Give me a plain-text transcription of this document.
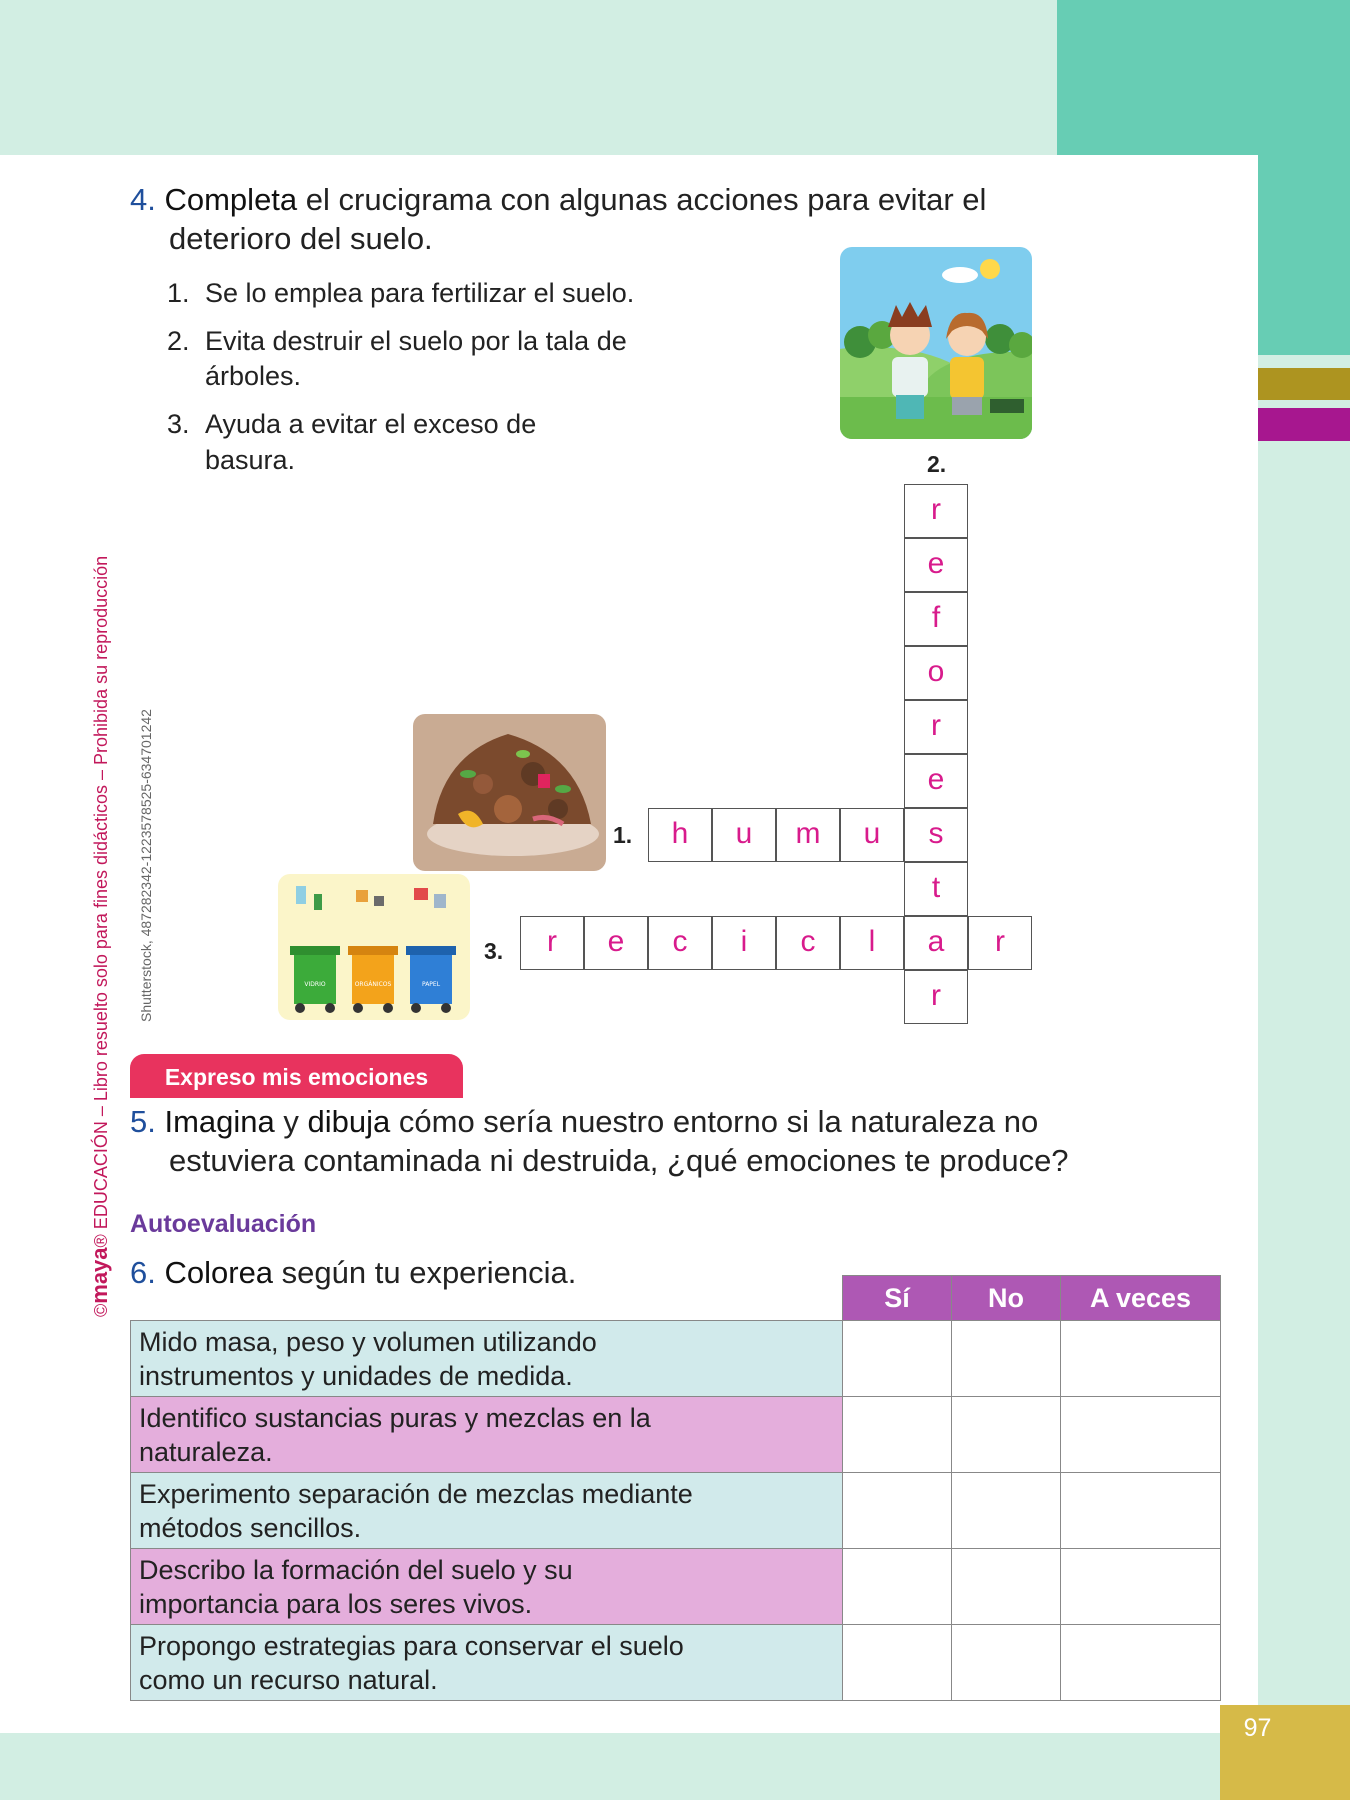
97
©maya® EDUCACIÓN – Libro resuelto solo para fines didácticos – Prohibida su reproducción Shutterstock, 487282342-1223578525-634701242
4. Completa el crucigrama con algunas acciones para evitar el
deterioro del suelo.
1. Se lo emplea para fertilizar el suelo.
2. Evita destruir el suelo por la tala de
árboles.
3. Ayuda a evitar el exceso de
basura.	2.
1.
3.
r
e
f
o
r
e
s
t
a
r
h	u	m	u
r	e	c	i	c	l	r
VIDRIO	ORGÁNICOS	PAPEL
Expreso mis emociones
5. Imagina y dibuja cómo sería nuestro entorno si la naturaleza no
estuviera contaminada ni destruida, ¿qué emociones te produce?
Autoevaluación
6. Colorea según tu experiencia.
	Sí	No	A veces

Mido masa, peso y volumen utilizando
instrumentos y unidades de medida.			

Identifico sustancias puras y mezclas en la
naturaleza.			

Experimento separación de mezclas mediante
métodos sencillos.			

Describo la formación del suelo y su
importancia para los seres vivos.			

Propongo estrategias para conservar el suelo
como un recurso natural.			
